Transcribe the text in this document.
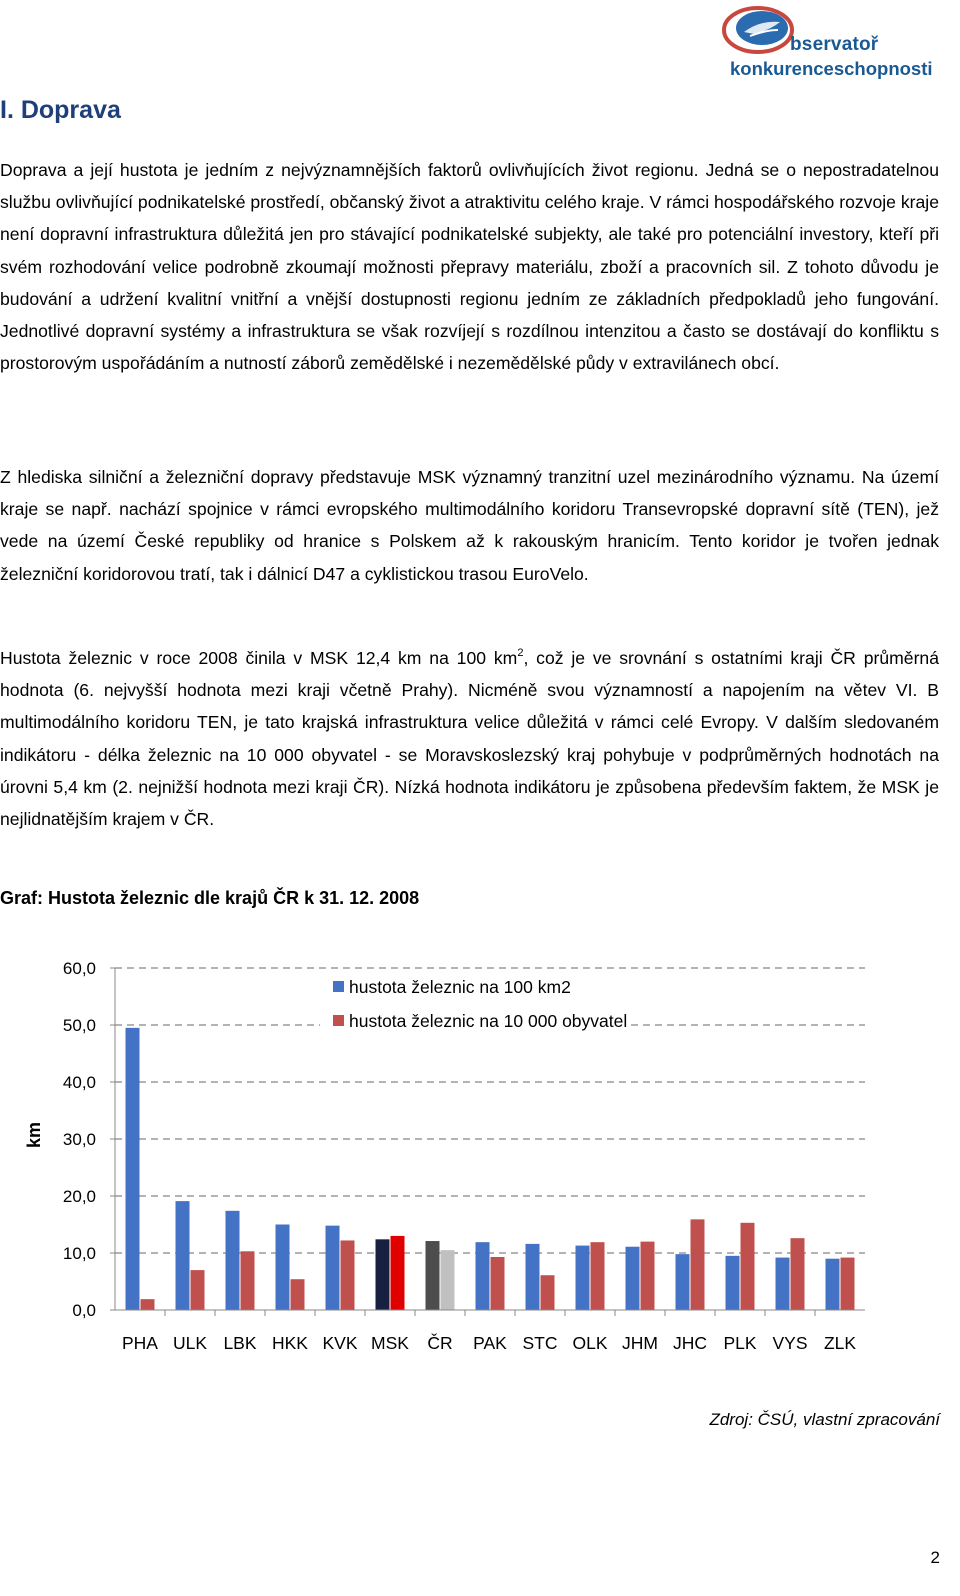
bservatoř
konkurenceschopnosti
I. Doprava

Doprava a její hustota je jedním z nejvýznamnějších faktorů ovlivňujících život regionu. Jedná se o nepostradatelnou službu ovlivňující podnikatelské prostředí, občanský život a atraktivitu celého kraje. V rámci hospodářského rozvoje kraje není dopravní infrastruktura důležitá jen pro stávající podnikatelské subjekty, ale také pro potenciální investory, kteří při svém rozhodování velice podrobně zkoumají možnosti přepravy materiálu, zboží a pracovních sil. Z tohoto důvodu je budování a udržení kvalitní vnitřní a vnější dostupnosti regionu jedním ze základních předpokladů jeho fungování. Jednotlivé dopravní systémy a infrastruktura se však rozvíjejí s rozdílnou intenzitou a často se dostávají do konfliktu s prostorovým uspořádáním a nutností záborů zemědělské i nezemědělské půdy v extravilánech obcí.

Z hlediska silniční a železniční dopravy představuje MSK významný tranzitní uzel mezinárodního významu. Na území kraje se např. nachází spojnice v rámci evropského multimodálního koridoru Transevropské dopravní sítě (TEN), jež vede na území České republiky od hranice s Polskem až k rakouským hranicím. Tento koridor je tvořen jednak železniční koridorovou tratí, tak i dálnicí D47 a cyklistickou trasou EuroVelo.

Hustota železnic v roce 2008 činila v MSK 12,4 km na 100 $km^2$, což je ve srovnání s ostatními kraji ČR průměrná hodnota (6. nejvyšší hodnota mezi kraji včetně Prahy). Nicméně svou významností a napojením na větev VI. B multimodálního koridoru TEN, je tato krajská infrastruktura velice důležitá v rámci celé Evropy. V dalším sledovaném indikátoru - délka železnic na 10 000 obyvatel - se Moravskoslezský kraj pohybuje v podprůměrných hodnotách na úrovni 5,4 km (2. nejnižší hodnota mezi kraji ČR). Nízká hodnota indikátoru je způsobena především faktem, že MSK je nejlidnatějším krajem v ČR.

Graf: Hustota železnic dle krajů ČR k 31. 12. 2008
0,0
10,0
20,0
30,0
40,0
50,0
60,0
PHA ULK LBK HKK KVK MSK ČR PAK STC OLK JHM JHC PLK VYS ZLK
hustota železnic na 100 km2
hustota železnic na 10 000 obyvatel
km
Zdroj: ČSÚ, vlastní zpracování
2
